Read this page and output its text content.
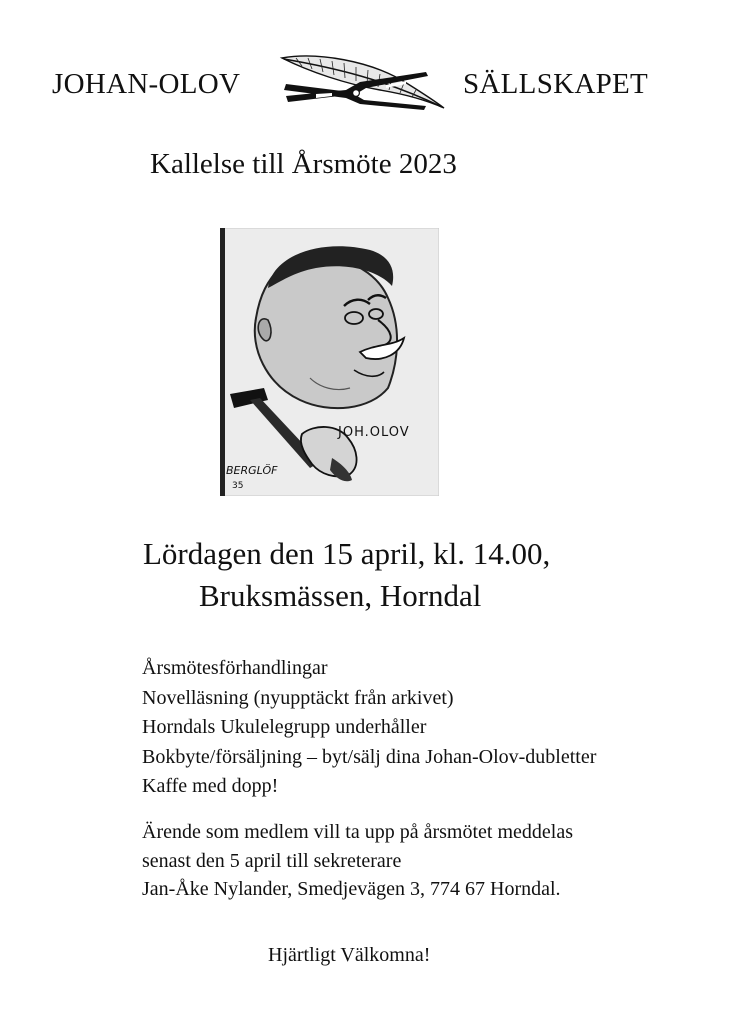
JOHAN-OLOV	SÄLLSKAPET
Kallelse till Årsmöte 2023
JOH.OLOV
BERGLÖF
35
Lördagen den 15 april, kl. 14.00,
Bruksmässen, Horndal
Årsmötesförhandlingar
Novelläsning (nyupptäckt från arkivet)
Horndals Ukulelegrupp underhåller
Bokbyte/försäljning – byt/sälj dina Johan-Olov-dubletter
Kaffe med dopp!
Ärende som medlem vill ta upp på årsmötet meddelas
senast den 5 april till sekreterare
Jan-Åke Nylander, Smedjevägen 3, 774 67 Horndal.
Hjärtligt Välkomna!
